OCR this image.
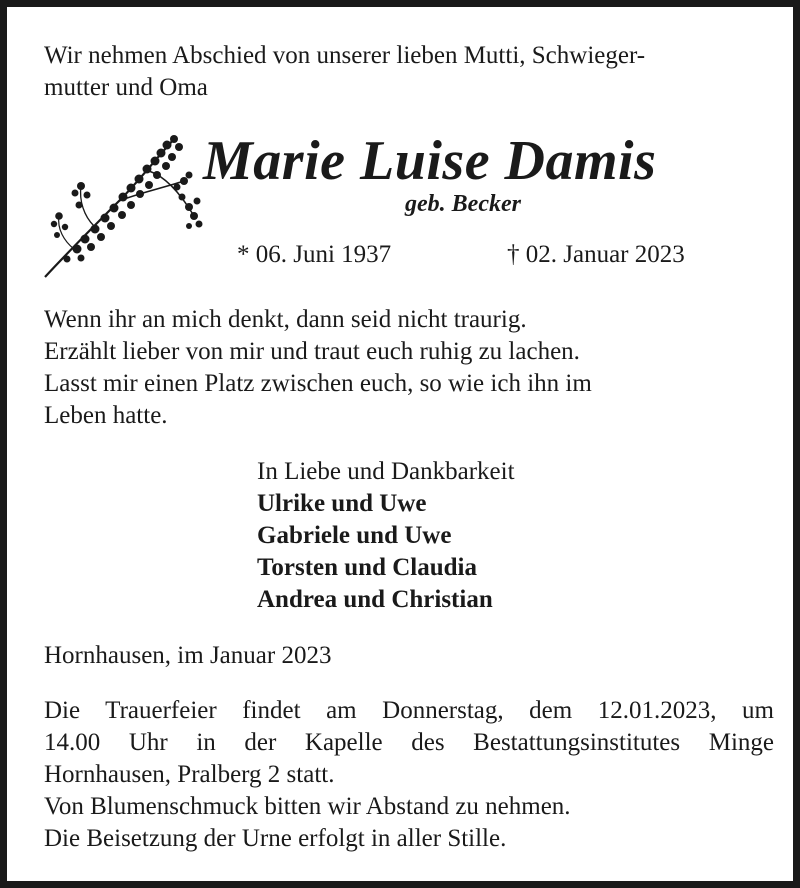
Wir nehmen Abschied von unserer lieben Mutti, Schwieger-
mutter und Oma
Marie Luise Damis
geb. Becker
* 06. Juni 1937	† 02. Januar 2023
Wenn ihr an mich denkt, dann seid nicht traurig.
Erzählt lieber von mir und traut euch ruhig zu lachen.
Lasst mir einen Platz zwischen euch, so wie ich ihn im
Leben hatte.
In Liebe und Dankbarkeit
Ulrike und Uwe
Gabriele und Uwe
Torsten und Claudia
Andrea und Christian
Hornhausen, im Januar 2023
Die Trauerfeier findet am Donnerstag, dem 12.01.2023, um
14.00 Uhr in der Kapelle des Bestattungsinstitutes Minge
Hornhausen, Pralberg 2 statt.
Von Blumenschmuck bitten wir Abstand zu nehmen.
Die Beisetzung der Urne erfolgt in aller Stille.
